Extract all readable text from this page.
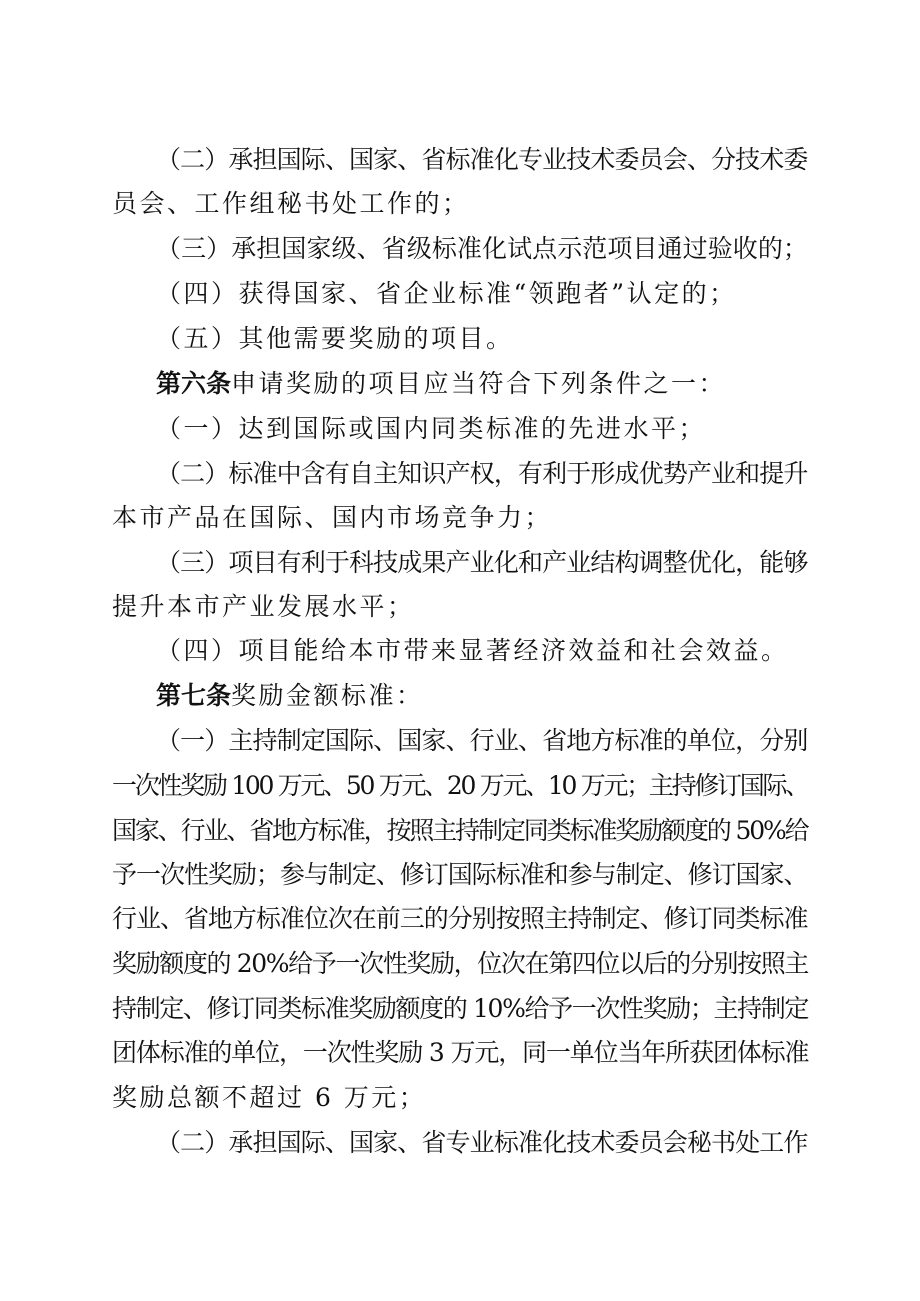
（二）承担国际、国家、省标准化专业技术委员会、分技术委
员会、工作组秘书处工作的；
（三）承担国家级、省级标准化试点示范项目通过验收的；
（四）获得国家、省企业标准“领跑者”认定的；
（五）其他需要奖励的项目。
第六条申请奖励的项目应当符合下列条件之一：
（一）达到国际或国内同类标准的先进水平；
（二）标准中含有自主知识产权，有利于形成优势产业和提升
本市产品在国际、国内市场竞争力；
（三）项目有利于科技成果产业化和产业结构调整优化，能够
提升本市产业发展水平；
（四）项目能给本市带来显著经济效益和社会效益。
第七条奖励金额标准：
（一）主持制定国际、国家、行业、省地方标准的单位，分别
一次性奖励 100 万元、50 万元、20 万元、10 万元；主持修订国际、
国家、行业、省地方标准，按照主持制定同类标准奖励额度的 50%给
予一次性奖励；参与制定、修订国际标准和参与制定、修订国家、
行业、省地方标准位次在前三的分别按照主持制定、修订同类标准
奖励额度的 20%给予一次性奖励，位次在第四位以后的分别按照主
持制定、修订同类标准奖励额度的 10%给予一次性奖励；主持制定
团体标准的单位，一次性奖励 3 万元，同一单位当年所获团体标准
奖励总额不超过 6 万元；
（二）承担国际、国家、省专业标准化技术委员会秘书处工作
